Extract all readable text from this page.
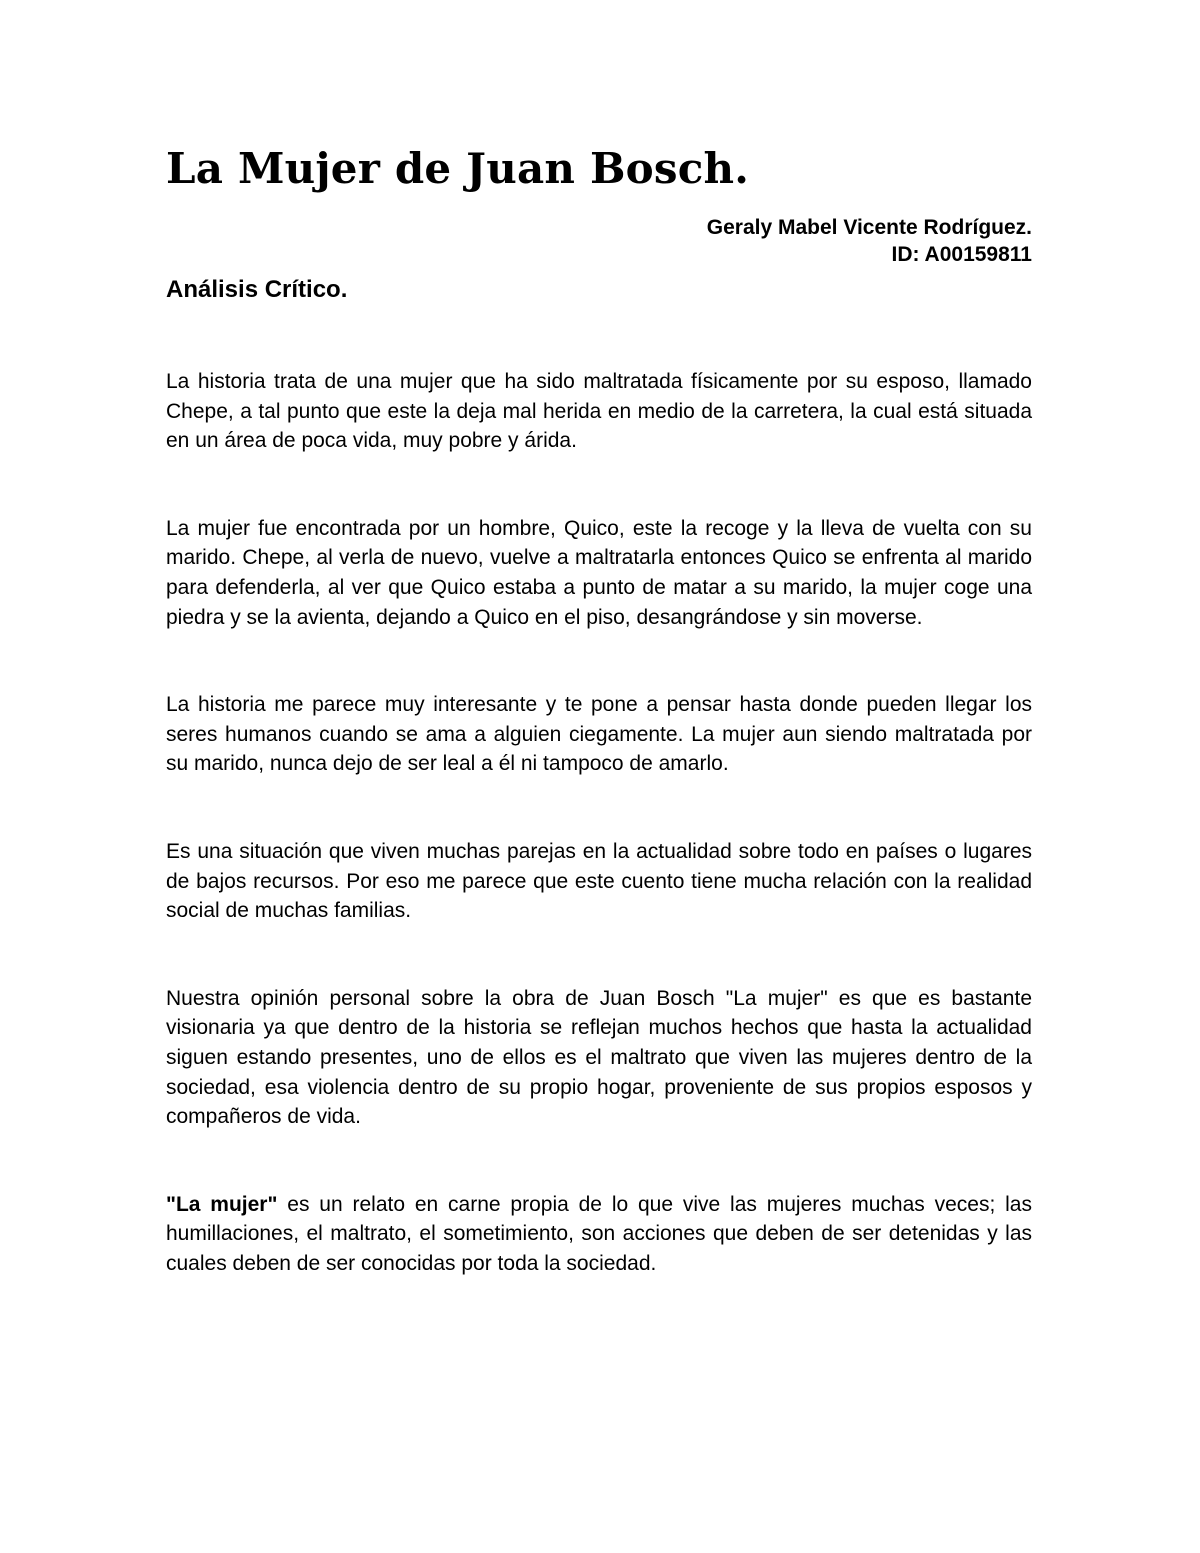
La Mujer de Juan Bosch.
Geraly Mabel Vicente Rodríguez.
ID: A00159811
Análisis Crítico.

La historia trata de una mujer que ha sido maltratada físicamente por su esposo, llamado Chepe, a tal punto que este la deja mal herida en medio de la carretera, la cual está situada en un área de poca vida, muy pobre y árida.

La mujer fue encontrada por un hombre, Quico, este la recoge y la lleva de vuelta con su marido. Chepe, al verla de nuevo, vuelve a maltratarla entonces Quico se enfrenta al marido para defenderla, al ver que Quico estaba a punto de matar a su marido, la mujer coge una piedra y se la avienta, dejando a Quico en el piso, desangrándose y sin moverse.

La historia me parece muy interesante y te pone a pensar hasta donde pueden llegar los seres humanos cuando se ama a alguien ciegamente. La mujer aun siendo maltratada por su marido, nunca dejo de ser leal a él ni tampoco de amarlo.

Es una situación que viven muchas parejas en la actualidad sobre todo en países o lugares de bajos recursos. Por eso me parece que este cuento tiene mucha relación con la realidad social de muchas familias.

Nuestra opinión personal sobre la obra de Juan Bosch "La mujer" es que es bastante visionaria ya que dentro de la historia se reflejan muchos hechos que hasta la actualidad siguen estando presentes, uno de ellos es el maltrato que viven las mujeres dentro de la sociedad, esa violencia dentro de su propio hogar, proveniente de sus propios esposos y compañeros de vida.

"La mujer" es un relato en carne propia de lo que vive las mujeres muchas veces; las humillaciones, el maltrato, el sometimiento, son acciones que deben de ser detenidas y las cuales deben de ser conocidas por toda la sociedad.
